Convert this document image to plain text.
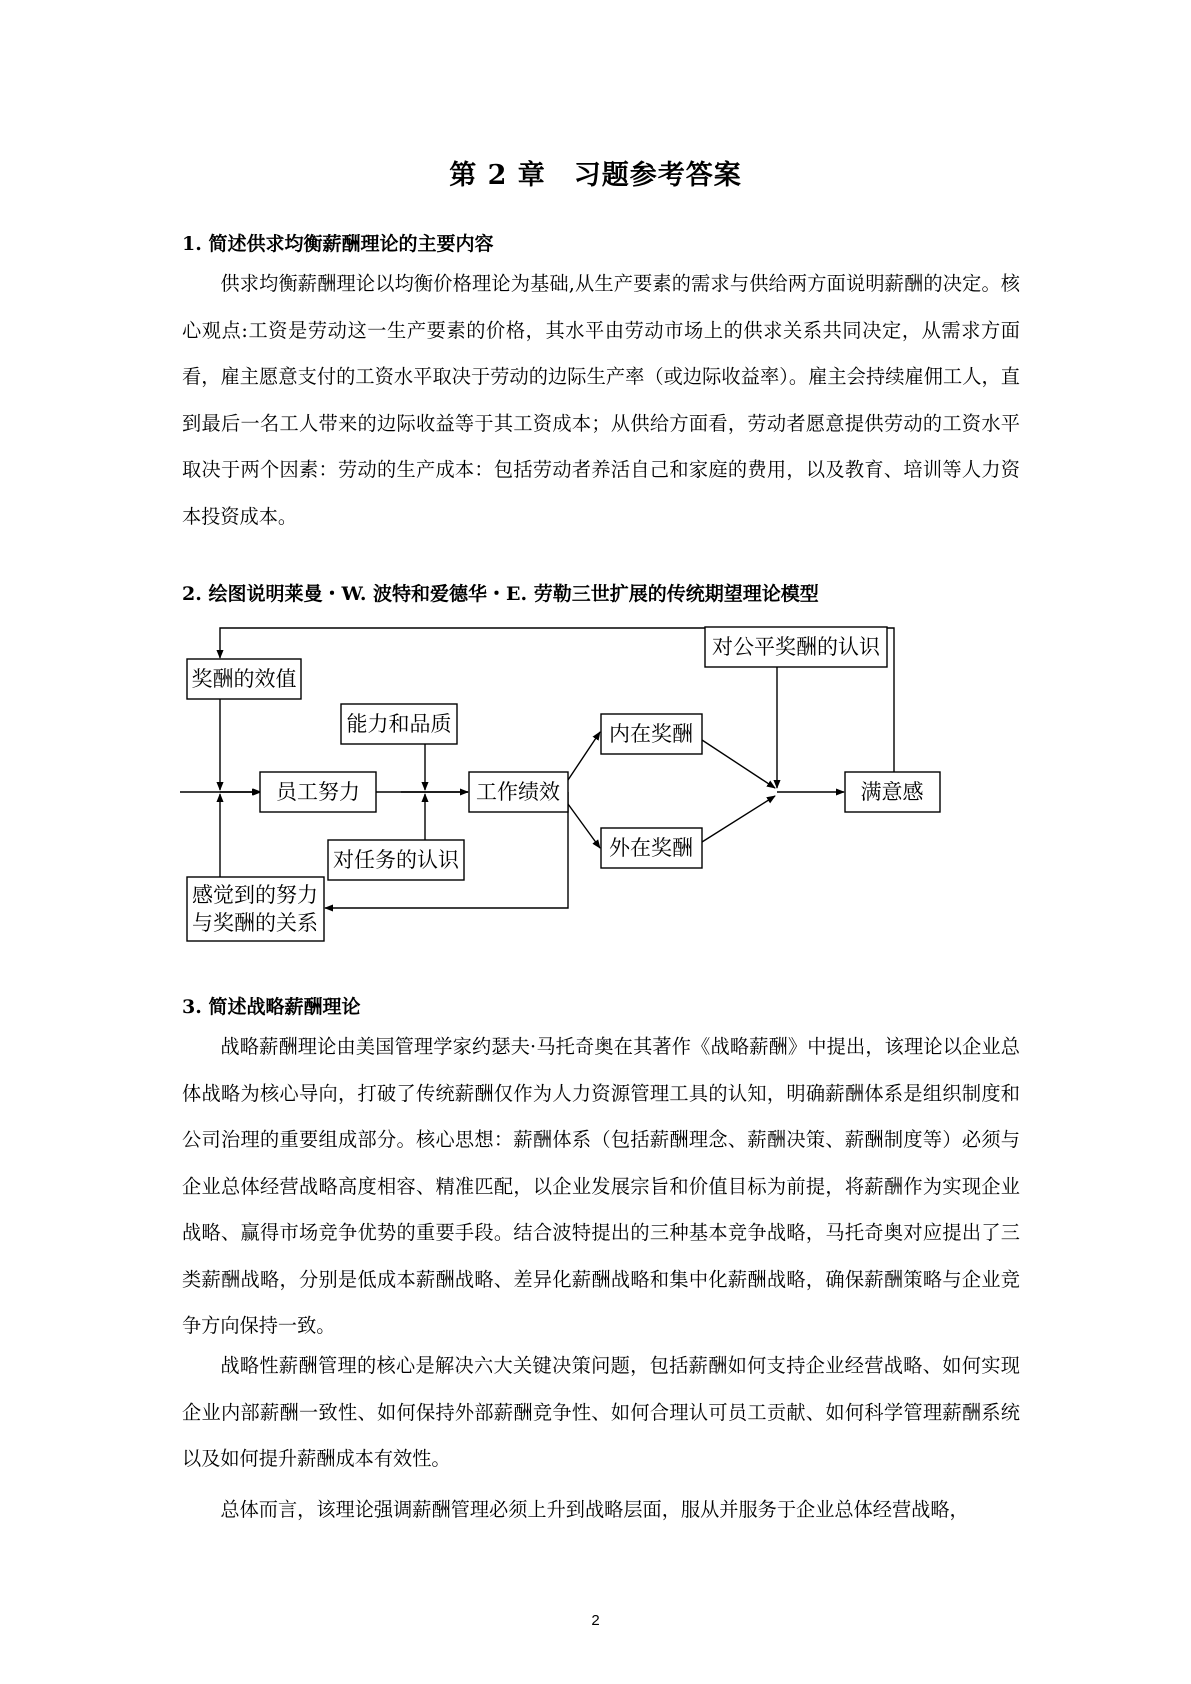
第 2 章　习题参考答案
1. 简述供求均衡薪酬理论的主要内容

供求均衡薪酬理论以均衡价格理论为基础,从生产要素的需求与供给两方面说明薪酬的决定。核心观点:工资是劳动这一生产要素的价格，其水平由劳动市场上的供求关系共同决定，从需求方面看，雇主愿意支付的工资水平取决于劳动的边际生产率（或边际收益率）。雇主会持续雇佣工人，直到最后一名工人带来的边际收益等于其工资成本；从供给方面看，劳动者愿意提供劳动的工资水平取决于两个因素：劳动的生产成本：包括劳动者养活自己和家庭的费用，以及教育、培训等人力资本投资成本。

2. 绘图说明莱曼・W. 波特和爱德华・E. 劳勒三世扩展的传统期望理论模型
奖酬的效值
能力和品质
员工努力	工作绩效
对任务的认识
感觉到的努力
与奖酬的关系
内在奖酬
外在奖酬
对公平奖酬的认识
满意感
3. 简述战略薪酬理论

战略薪酬理论由美国管理学家约瑟夫·马托奇奥在其著作《战略薪酬》中提出，该理论以企业总体战略为核心导向，打破了传统薪酬仅作为人力资源管理工具的认知，明确薪酬体系是组织制度和公司治理的重要组成部分。核心思想：薪酬体系（包括薪酬理念、薪酬决策、薪酬制度等）必须与企业总体经营战略高度相容、精准匹配，以企业发展宗旨和价值目标为前提，将薪酬作为实现企业战略、赢得市场竞争优势的重要手段。结合波特提出的三种基本竞争战略，马托奇奥对应提出了三类薪酬战略，分别是低成本薪酬战略、差异化薪酬战略和集中化薪酬战略，确保薪酬策略与企业竞争方向保持一致。

战略性薪酬管理的核心是解决六大关键决策问题，包括薪酬如何支持企业经营战略、如何实现企业内部薪酬一致性、如何保持外部薪酬竞争性、如何合理认可员工贡献、如何科学管理薪酬系统以及如何提升薪酬成本有效性。

总体而言，该理论强调薪酬管理必须上升到战略层面，服从并服务于企业总体经营战略，

2
